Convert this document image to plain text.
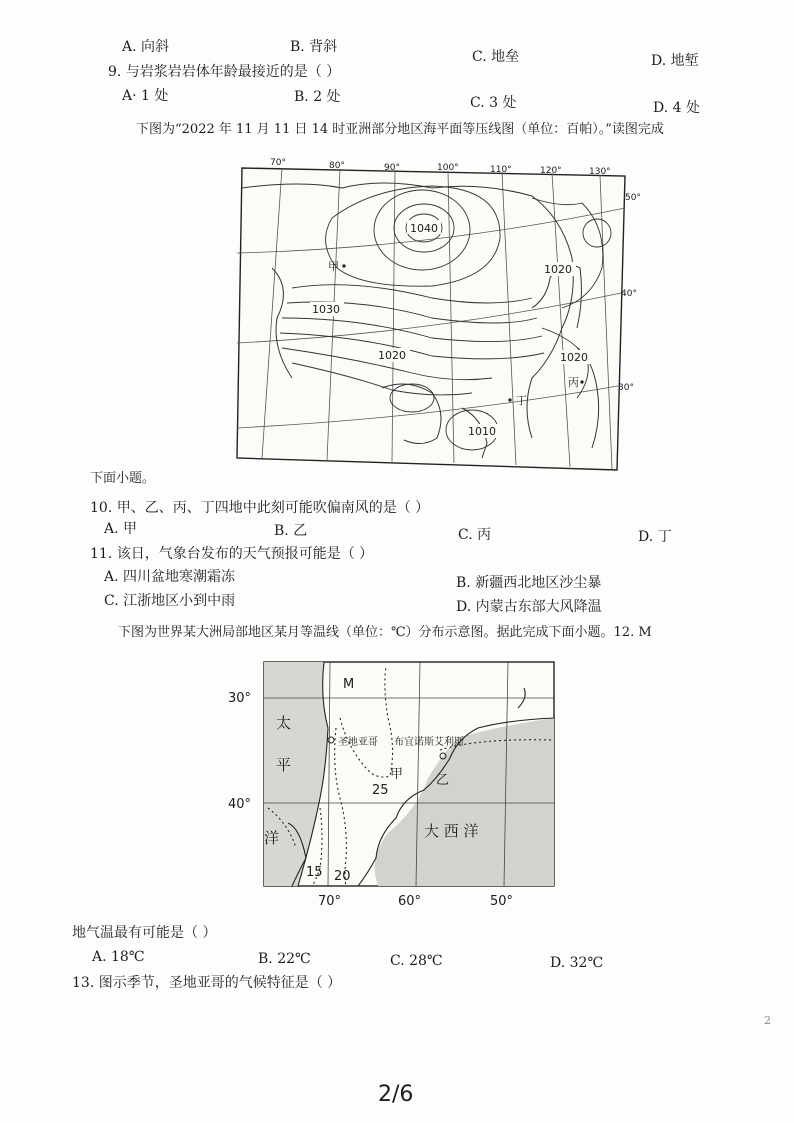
A. 向斜	B. 背斜
C. 地垒	D. 地堑
9. 与岩浆岩岩体年龄最接近的是（ ）
A· 1 处	B. 2 处	C. 3 处	D. 4 处
下图为“2022 年 11 月 11 日 14 时亚洲部分地区海平面等压线图（单位：百帕）。”读图完成
70°	80°	90°	100°	110°	120°	130°
50°
40°
30°
1040
1030
1020
1020
1020
1010
甲
丙
丁
下面小题。
10. 甲、乙、丙、丁四地中此刻可能吹偏南风的是（ ）
A. 甲	B. 乙	C. 丙	D. 丁
11. 该日，气象台发布的天气预报可能是（ ）
A. 四川盆地寒潮霜冻	B. 新疆西北地区沙尘暴
C. 江浙地区小到中雨	D. 内蒙古东部大风降温
下图为世界某大洲局部地区某月等温线（单位：℃）分布示意图。据此完成下面小题。12. M
30°
40°
70°	60°	50°
太
平
洋	大 西 洋
圣地亚哥 布宜诺斯艾利斯
M
甲	乙
25
20
15
地气温最有可能是（ ）
A. 18℃	B. 22℃	C. 28℃	D. 32℃
13. 图示季节，圣地亚哥的气候特征是（ ）
2
2/6
